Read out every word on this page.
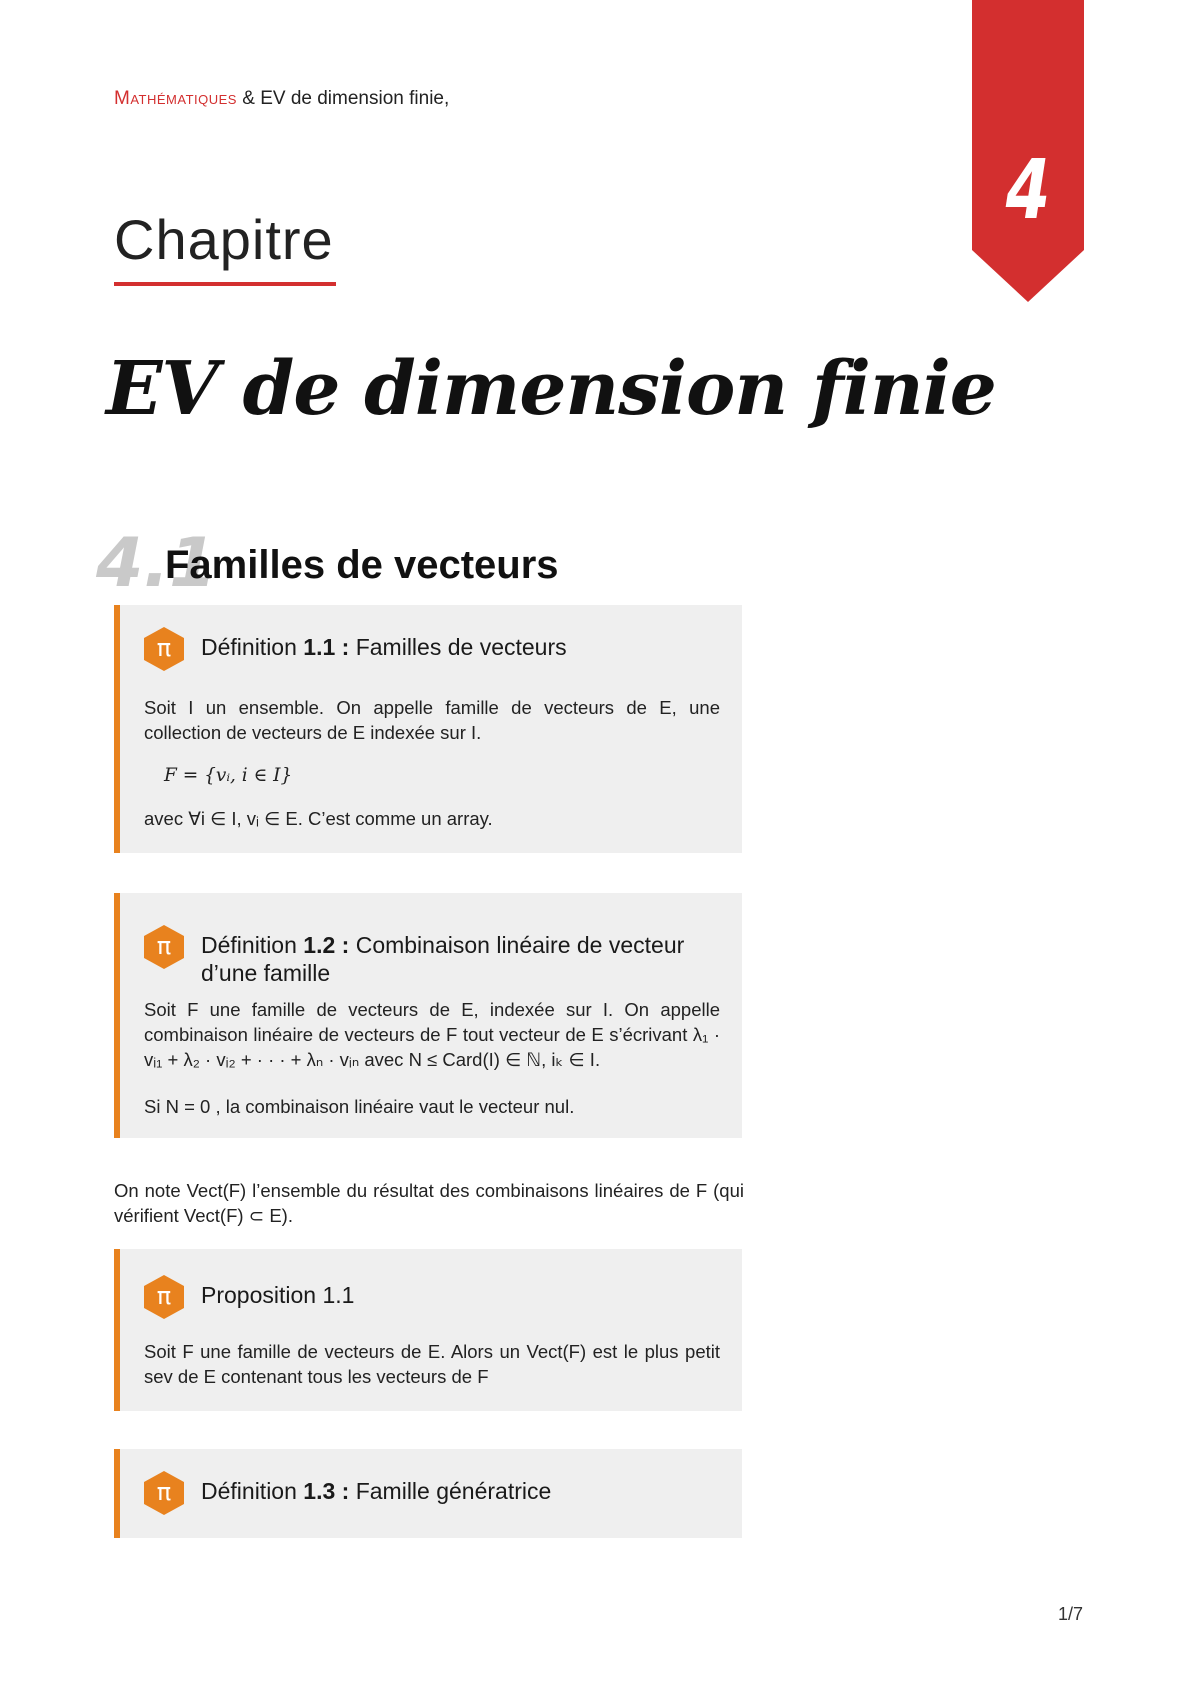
Mathématiques & EV de dimension finie,
4
Chapitre
EV de dimension finie
4.1
Familles de vecteurs
π	Définition 1.1 : Familles de vecteurs

Soit I un ensemble. On appelle famille de vecteurs de E, une collection de vecteurs de E indexée sur I.

F = {vᵢ, i ∈ I}

avec ∀i ∈ I, vᵢ ∈ E. C’est comme un array.

π	Définition 1.2 : Combinaison linéaire de vecteur d’une famille

Soit F une famille de vecteurs de E, indexée sur I. On appelle combinaison linéaire de vecteurs de F tout vecteur de E s’écrivant λ₁ · vᵢ₁ + λ₂ · vᵢ₂ + · · · + λₙ · vᵢₙ avec N ≤ Card(I) ∈ ℕ, iₖ ∈ I.

Si N = 0 , la combinaison linéaire vaut le vecteur nul.

On note Vect(F) l’ensemble du résultat des combinaisons linéaires de F (qui vérifient Vect(F) ⊂ E).
π	Proposition 1.1

Soit F une famille de vecteurs de E. Alors un Vect(F) est le plus petit sev de E contenant tous les vecteurs de F

π	Définition 1.3 : Famille génératrice
1/7
